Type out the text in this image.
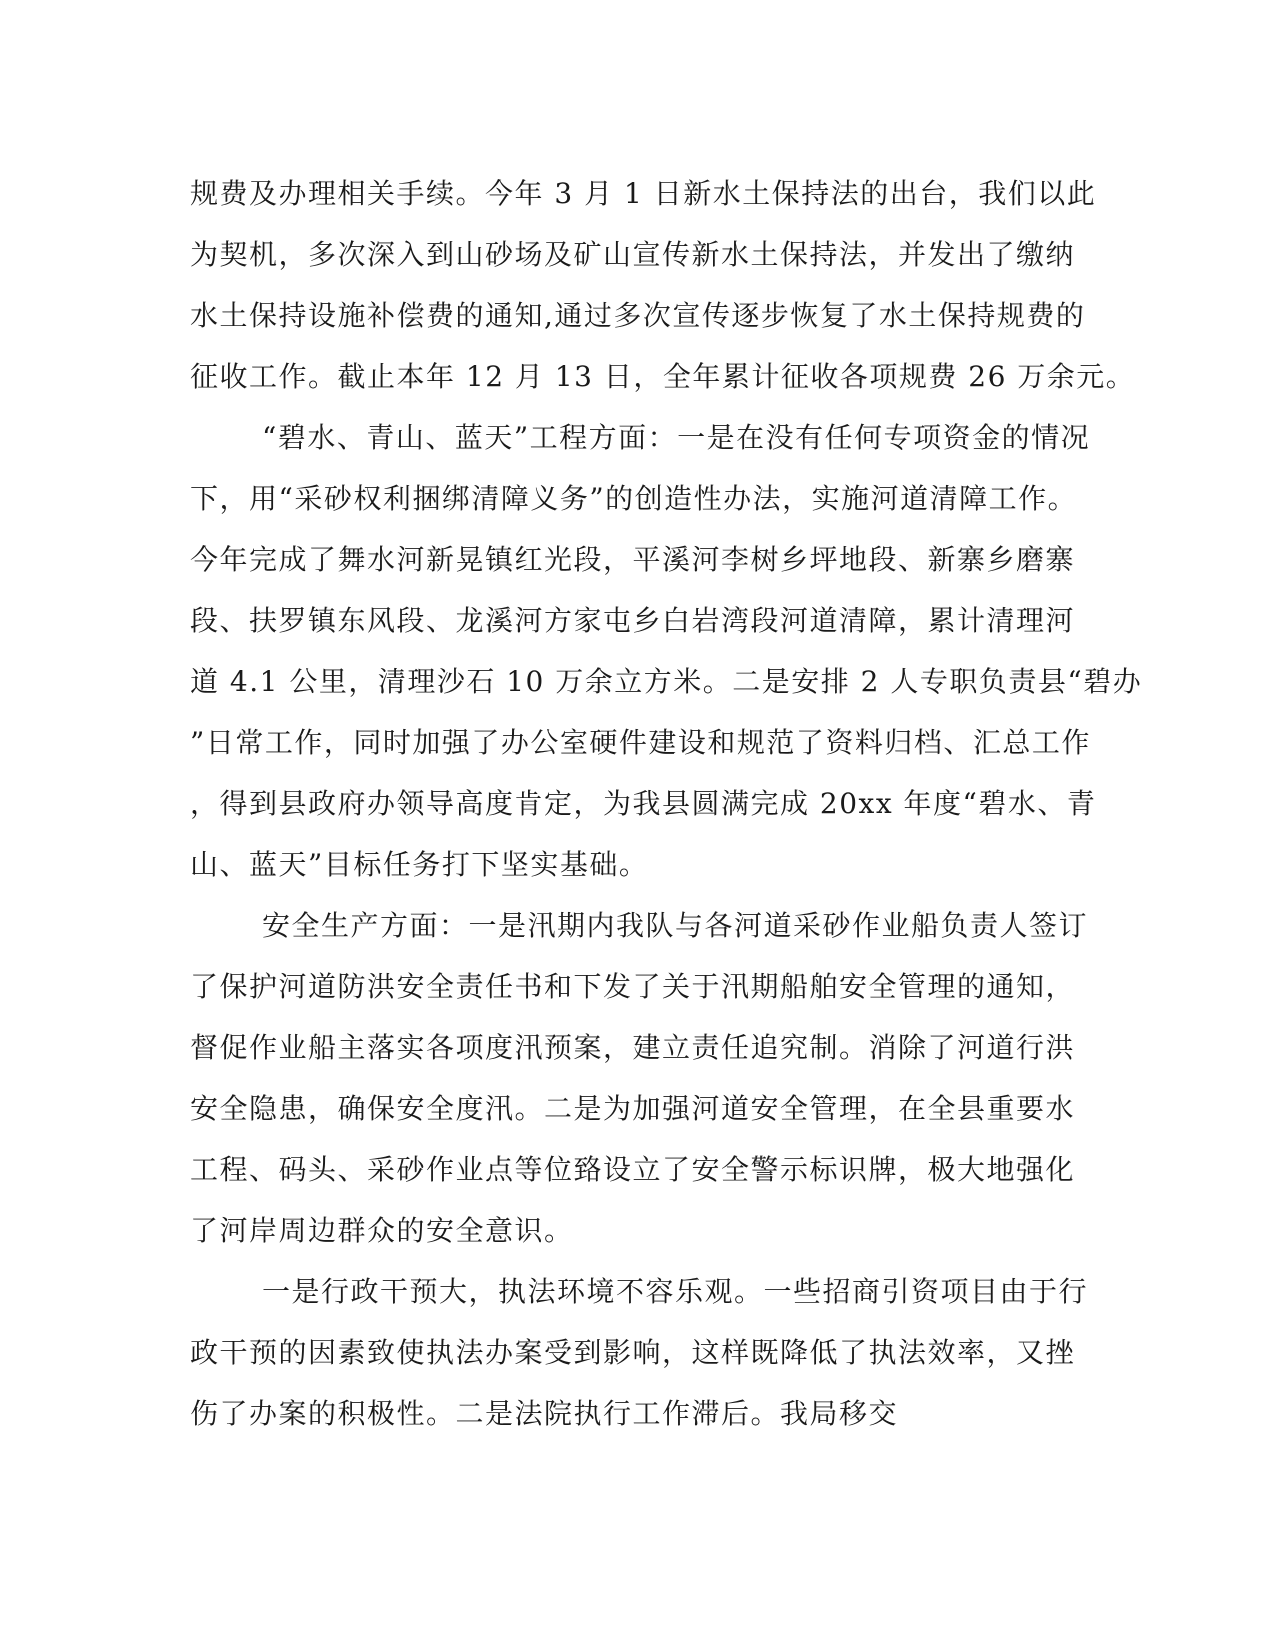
规费及办理相关手续。今年 3 月 1 日新水土保持法的出台，我们以此
为契机，多次深入到山砂场及矿山宣传新水土保持法，并发出了缴纳
水土保持设施补偿费的通知,通过多次宣传逐步恢复了水土保持规费的
征收工作。截止本年 12 月 13 日，全年累计征收各项规费 26 万余元。
“碧水、青山、蓝天”工程方面：一是在没有任何专项资金的情况
下，用“采砂权利捆绑清障义务”的创造性办法，实施河道清障工作。
今年完成了舞水河新晃镇红光段，平溪河李树乡坪地段、新寨乡磨寨
段、扶罗镇东风段、龙溪河方家屯乡白岩湾段河道清障，累计清理河
道 4.1 公里，清理沙石 10 万余立方米。二是安排 2 人专职负责县“碧办
”日常工作，同时加强了办公室硬件建设和规范了资料归档、汇总工作
，得到县政府办领导高度肯定，为我县圆满完成 20xx 年度“碧水、青
山、蓝天”目标任务打下坚实基础。
安全生产方面：一是汛期内我队与各河道采砂作业船负责人签订
了保护河道防洪安全责任书和下发了关于汛期船舶安全管理的通知，
督促作业船主落实各项度汛预案，建立责任追究制。消除了河道行洪
安全隐患，确保安全度汛。二是为加强河道安全管理，在全县重要水
工程、码头、采砂作业点等位臵设立了安全警示标识牌，极大地强化
了河岸周边群众的安全意识。
一是行政干预大，执法环境不容乐观。一些招商引资项目由于行
政干预的因素致使执法办案受到影响，这样既降低了执法效率，又挫
伤了办案的积极性。二是法院执行工作滞后。我局移交
